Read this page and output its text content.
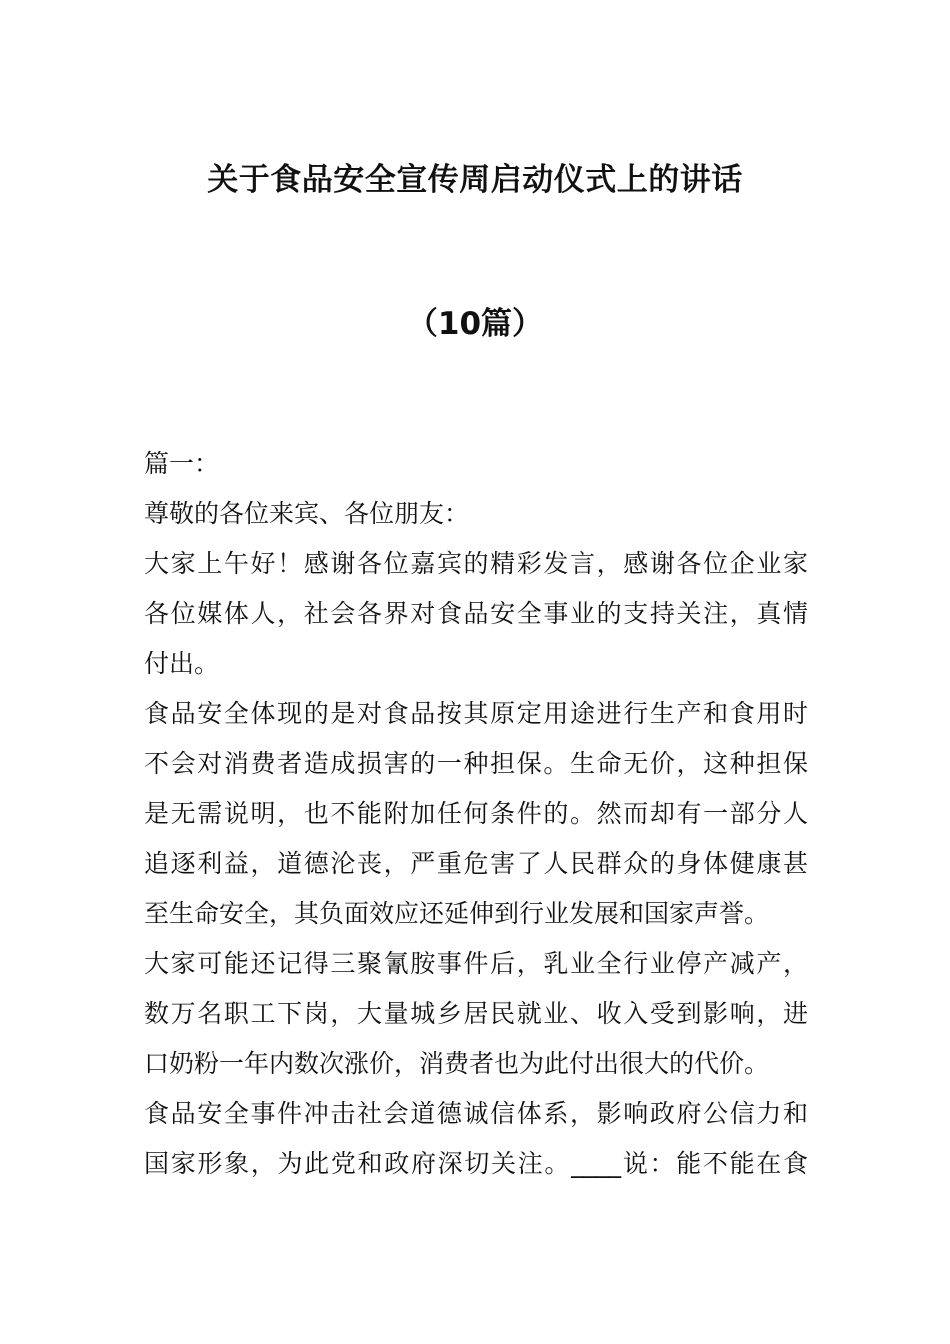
关于食品安全宣传周启动仪式上的讲话
（10篇）
篇一：
尊敬的各位来宾、各位朋友：
大家上午好！感谢各位嘉宾的精彩发言，感谢各位企业家
各位媒体人，社会各界对食品安全事业的支持关注，真情
付出。
食品安全体现的是对食品按其原定用途进行生产和食用时
不会对消费者造成损害的一种担保。生命无价，这种担保
是无需说明，也不能附加任何条件的。然而却有一部分人
追逐利益，道德沦丧，严重危害了人民群众的身体健康甚
至生命安全，其负面效应还延伸到行业发展和国家声誉。
大家可能还记得三聚氰胺事件后，乳业全行业停产减产，
数万名职工下岗，大量城乡居民就业、收入受到影响，进
口奶粉一年内数次涨价，消费者也为此付出很大的代价。
食品安全事件冲击社会道德诚信体系，影响政府公信力和
国家形象，为此党和政府深切关注。____说：能不能在食
